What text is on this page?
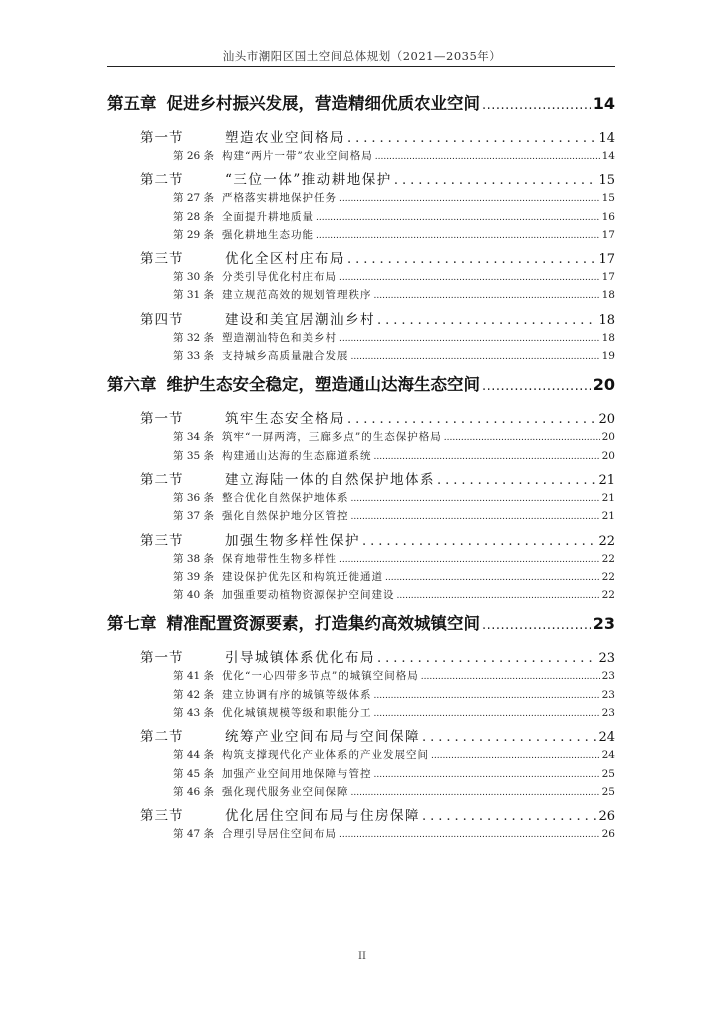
汕头市潮阳区国土空间总体规划（2021—2035年）
第五章 促进乡村振兴发展，营造精细优质农业空间 .....	14
第一节	塑造农业空间格局 .....	14
第 26 条 构建“两片一带”农业空间格局 .....	14
第二节	“三位一体”推动耕地保护 .....	15
第 27 条 严格落实耕地保护任务 .....	15
第 28 条 全面提升耕地质量 .....	16
第 29 条 强化耕地生态功能 .....	17
第三节	优化全区村庄布局 .....	17
第 30 条 分类引导优化村庄布局 .....	17
第 31 条 建立规范高效的规划管理秩序 .....	18
第四节	建设和美宜居潮汕乡村 .....	18
第 32 条 塑造潮汕特色和美乡村 .....	18
第 33 条 支持城乡高质量融合发展 .....	19
第六章 维护生态安全稳定，塑造通山达海生态空间 .....	20
第一节	筑牢生态安全格局 .....	20
第 34 条 筑牢“一屏两湾，三廊多点”的生态保护格局 .....	20
第 35 条 构建通山达海的生态廊道系统 .....	20
第二节	建立海陆一体的自然保护地体系 .....	21
第 36 条 整合优化自然保护地体系 .....	21
第 37 条 强化自然保护地分区管控 .....	21
第三节	加强生物多样性保护 .....	22
第 38 条 保育地带性生物多样性 .....	22
第 39 条 建设保护优先区和构筑迁徙通道 .....	22
第 40 条 加强重要动植物资源保护空间建设 .....	22
第七章 精准配置资源要素，打造集约高效城镇空间 .....	23
第一节	引导城镇体系优化布局 .....	23
第 41 条 优化“一心四带多节点”的城镇空间格局 .....	23
第 42 条 建立协调有序的城镇等级体系 .....	23
第 43 条 优化城镇规模等级和职能分工 .....	23
第二节	统筹产业空间布局与空间保障 .....	24
第 44 条 构筑支撑现代化产业体系的产业发展空间 .....	24
第 45 条 加强产业空间用地保障与管控 .....	25
第 46 条 强化现代服务业空间保障 .....	25
第三节	优化居住空间布局与住房保障 .....	26
第 47 条 合理引导居住空间布局 .....	26
II
